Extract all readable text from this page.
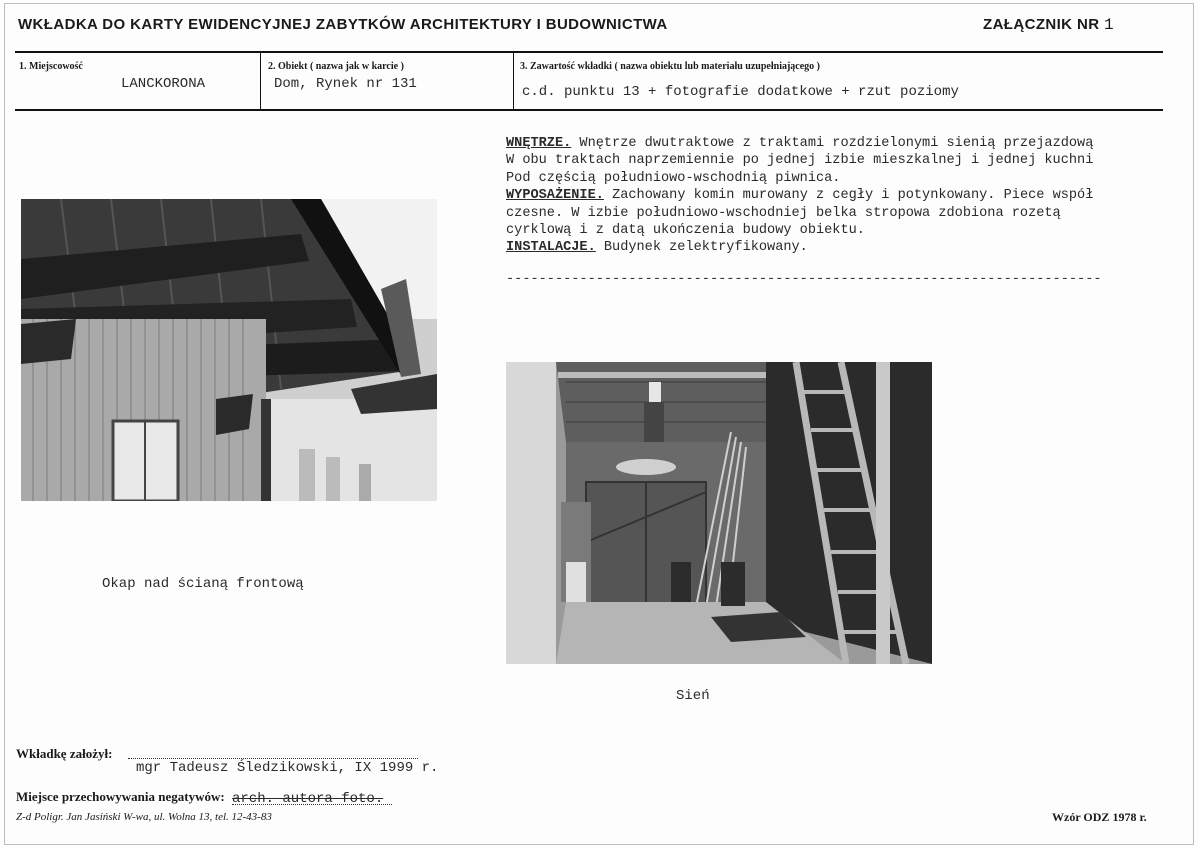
WKŁADKA DO KARTY EWIDENCYJNEJ ZABYTKÓW ARCHITEKTURY I BUDOWNICTWA	ZAŁĄCZNIK NR 1
1. Miejscowość
LANCKORONA
2. Obiekt ( nazwa jak w karcie )
Dom, Rynek nr 131
3. Zawartość wkładki ( nazwa obiektu lub materiału uzupełniającego )
c.d. punktu 13 + fotografie dodatkowe + rzut poziomy

WNĘTRZE. Wnętrze dwutraktowe z traktami rozdzielonymi sienią przejazdową

W obu traktach naprzemiennie po jednej izbie mieszkalnej i jednej kuchni

Pod częścią południowo-wschodnią piwnica.

WYPOSAŻENIE. Zachowany komin murowany z cegły i potynkowany. Piece współ

czesne. W izbie południowo-wschodniej belka stropowa zdobiona rozetą

cyrklową i z datą ukończenia budowy obiektu.

INSTALACJE. Budynek zelektryfikowany.

-------------------------------------------------------------------------
Okap nad ścianą frontową
Sień
Wkładkę założył:
mgr Tadeusz Śledzikowski, IX 1999 r.
Miejsce przechowywania negatywów: arch. autora foto.
Z-d Poligr. Jan Jasiński W-wa, ul. Wolna 13, tel. 12-43-83	Wzór ODZ 1978 r.
